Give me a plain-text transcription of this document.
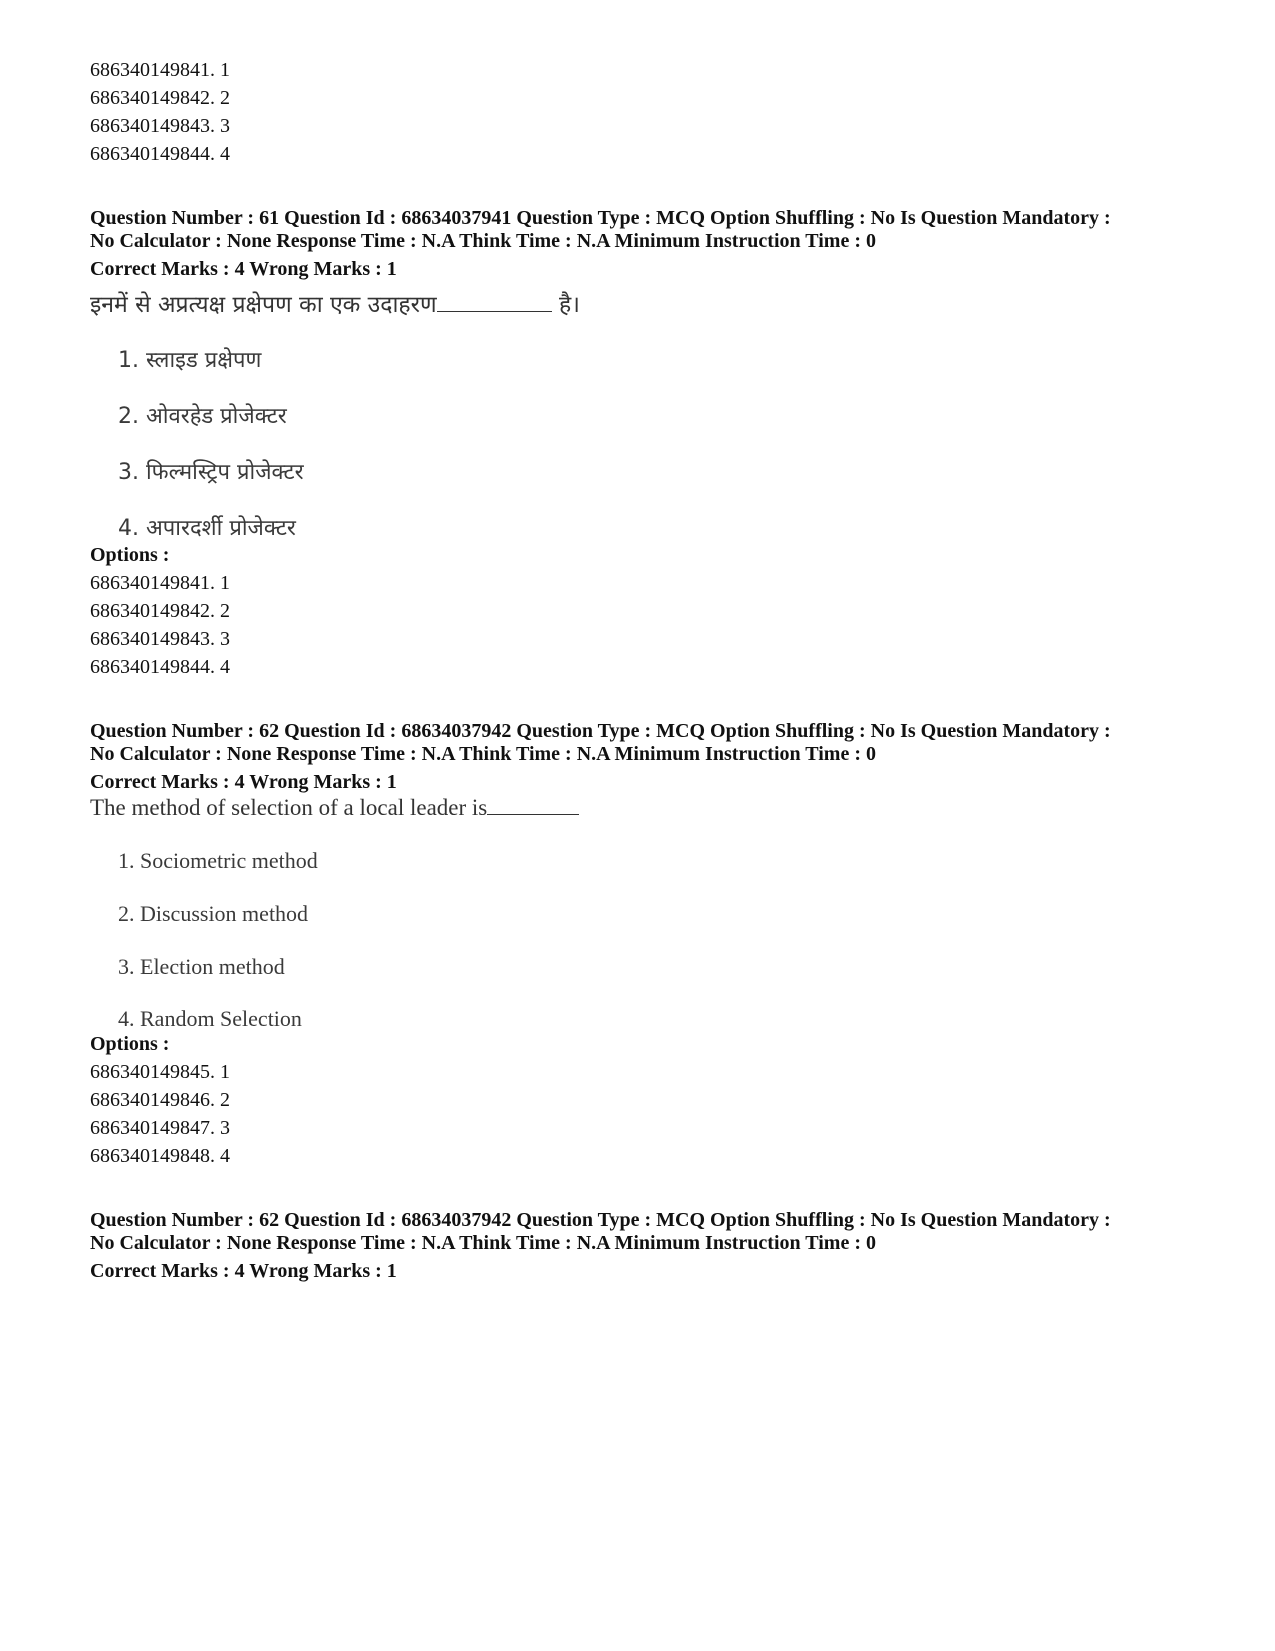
686340149841. 1
686340149842. 2
686340149843. 3
686340149844. 4
Question Number : 61 Question Id : 68634037941 Question Type : MCQ Option Shuffling : No Is Question Mandatory :
No Calculator : None Response Time : N.A Think Time : N.A Minimum Instruction Time : 0
Correct Marks : 4 Wrong Marks : 1
इनमें से अप्रत्यक्ष प्रक्षेपण का एक उदाहरण	है।
1. स्लाइड प्रक्षेपण
2. ओवरहेड प्रोजेक्टर
3. फिल्मस्ट्रिप प्रोजेक्टर
4. अपारदर्शी प्रोजेक्टर
Options :
686340149841. 1
686340149842. 2
686340149843. 3
686340149844. 4
Question Number : 62 Question Id : 68634037942 Question Type : MCQ Option Shuffling : No Is Question Mandatory :
No Calculator : None Response Time : N.A Think Time : N.A Minimum Instruction Time : 0
Correct Marks : 4 Wrong Marks : 1
The method of selection of a local leader is
1. Sociometric method
2. Discussion method
3. Election method
4. Random Selection
Options :
686340149845. 1
686340149846. 2
686340149847. 3
686340149848. 4
Question Number : 62 Question Id : 68634037942 Question Type : MCQ Option Shuffling : No Is Question Mandatory :
No Calculator : None Response Time : N.A Think Time : N.A Minimum Instruction Time : 0
Correct Marks : 4 Wrong Marks : 1
